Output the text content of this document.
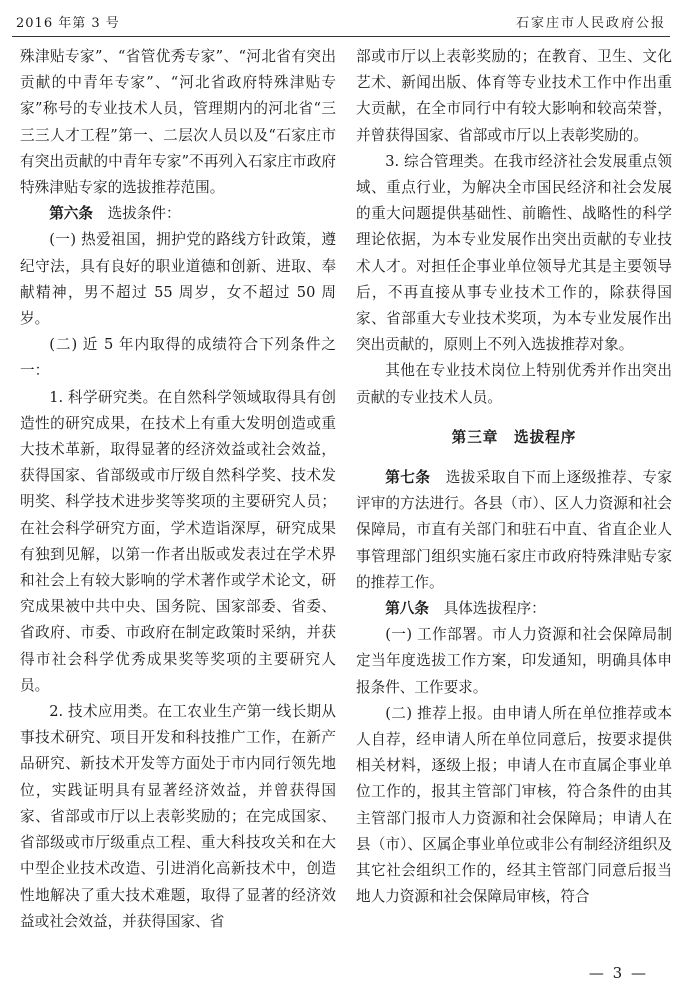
2016 年第 3 号	石家庄市人民政府公报

殊津贴专家”、“省管优秀专家”、“河北省有突出贡献的中青年专家”、“河北省政府特殊津贴专家”称号的专业技术人员，管理期内的河北省“三三三人才工程”第一、二层次人员以及“石家庄市有突出贡献的中青年专家”不再列入石家庄市政府特殊津贴专家的选拔推荐范围。

第六条　 选拔条件：

(一) 热爱祖国，拥护党的路线方针政策，遵纪守法，具有良好的职业道德和创新、进取、奉献精神，男不超过 55 周岁，女不超过 50 周岁。

(二) 近 5 年内取得的成绩符合下列条件之一：

1. 科学研究类。在自然科学领域取得具有创造性的研究成果，在技术上有重大发明创造或重大技术革新，取得显著的经济效益或社会效益，获得国家、省部级或市厅级自然科学奖、技术发明奖、科学技术进步奖等奖项的主要研究人员；在社会科学研究方面，学术造诣深厚，研究成果有独到见解，以第一作者出版或发表过在学术界和社会上有较大影响的学术著作或学术论文，研究成果被中共中央、国务院、国家部委、省委、省政府、市委、市政府在制定政策时采纳，并获得市社会科学优秀成果奖等奖项的主要研究人员。

2. 技术应用类。在工农业生产第一线长期从事技术研究、项目开发和科技推广工作，在新产品研究、新技术开发等方面处于市内同行领先地位，实践证明具有显著经济效益，并曾获得国家、省部或市厅以上表彰奖励的；在完成国家、省部级或市厅级重点工程、重大科技攻关和在大中型企业技术改造、引进消化高新技术中，创造性地解决了重大技术难题，取得了显著的经济效益或社会效益，并获得国家、省

部或市厅以上表彰奖励的；在教育、卫生、文化艺术、新闻出版、体育等专业技术工作中作出重大贡献，在全市同行中有较大影响和较高荣誉，并曾获得国家、省部或市厅以上表彰奖励的。

3. 综合管理类。在我市经济社会发展重点领域、重点行业，为解决全市国民经济和社会发展的重大问题提供基础性、前瞻性、战略性的科学理论依据，为本专业发展作出突出贡献的专业技术人才。对担任企事业单位领导尤其是主要领导后，不再直接从事专业技术工作的，除获得国家、省部重大专业技术奖项，为本专业发展作出突出贡献的，原则上不列入选拔推荐对象。

其他在专业技术岗位上特别优秀并作出突出贡献的专业技术人员。

第三章　选拔程序

第七条　 选拔采取自下而上逐级推荐、专家评审的方法进行。各县（市）、区人力资源和社会保障局，市直有关部门和驻石中直、省直企业人事管理部门组织实施石家庄市政府特殊津贴专家的推荐工作。

第八条　 具体选拔程序：

(一) 工作部署。市人力资源和社会保障局制定当年度选拔工作方案，印发通知，明确具体申报条件、工作要求。

(二) 推荐上报。由申请人所在单位推荐或本人自荐，经申请人所在单位同意后，按要求提供相关材料，逐级上报；申请人在市直属企事业单位工作的，报其主管部门审核，符合条件的由其主管部门报市人力资源和社会保障局；申请人在县（市）、区属企事业单位或非公有制经济组织及其它社会组织工作的，经其主管部门同意后报当地人力资源和社会保障局审核，符合

— 3 —
